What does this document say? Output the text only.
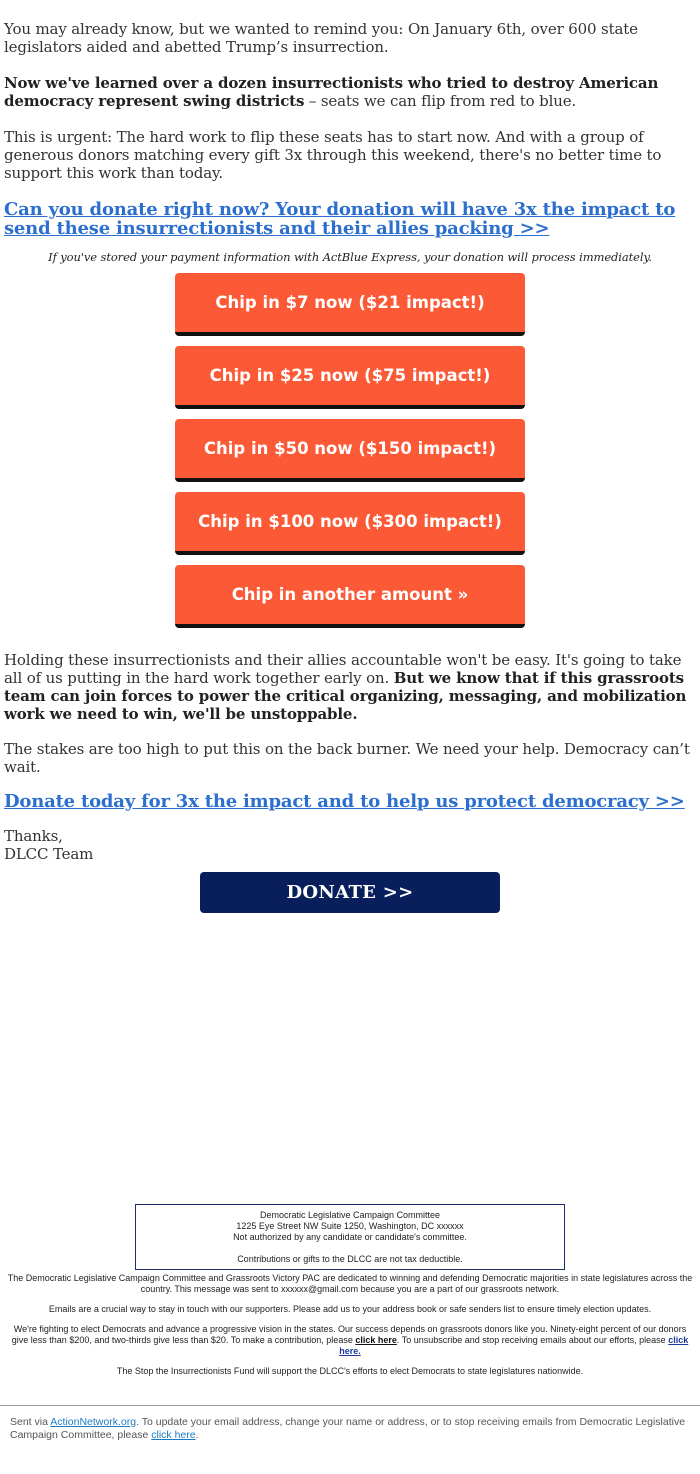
You may already know, but we wanted to remind you: On January 6th, over 600 state legislators aided and abetted Trump’s insurrection.

Now we've learned over a dozen insurrectionists who tried to destroy American democracy represent swing districts – seats we can flip from red to blue.

This is urgent: The hard work to flip these seats has to start now. And with a group of generous donors matching every gift 3x through this weekend, there's no better time to support this work than today.

Can you donate right now? Your donation will have 3x the impact to send these insurrectionists and their allies packing >>
If you've stored your payment information with ActBlue Express, your donation will process immediately.
Chip in $7 now ($21 impact!)
Chip in $25 now ($75 impact!)
Chip in $50 now ($150 impact!)
Chip in $100 now ($300 impact!)
Chip in another amount »

Holding these insurrectionists and their allies accountable won't be easy. It's going to take all of us putting in the hard work together early on. But we know that if this grassroots team can join forces to power the critical organizing, messaging, and mobilization work we need to win, we'll be unstoppable.

The stakes are too high to put this on the back burner. We need your help. Democracy can’t wait.

Donate today for 3x the impact and to help us protect democracy >>

Thanks,
DLCC Team

DONATE >>
Democratic Legislative Campaign Committee
1225 Eye Street NW Suite 1250, Washington, DC xxxxxx
Not authorized by any candidate or candidate's committee.
Contributions or gifts to the DLCC are not tax deductible.

The Democratic Legislative Campaign Committee and Grassroots Victory PAC are dedicated to winning and defending Democratic majorities in state legislatures across the country. This message was sent to xxxxxx@gmail.com because you are a part of our grassroots network.

Emails are a crucial way to stay in touch with our supporters. Please add us to your address book or safe senders list to ensure timely election updates.

We're fighting to elect Democrats and advance a progressive vision in the states. Our success depends on grassroots donors like you. Ninety-eight percent of our donors give less than $200, and two-thirds give less than $20. To make a contribution, please click here. To unsubscribe and stop receiving emails about our efforts, please click here.

The Stop the Insurrectionists Fund will support the DLCC's efforts to elect Democrats to state legislatures nationwide.

Sent via ActionNetwork.org. To update your email address, change your name or address, or to stop receiving emails from Democratic Legislative Campaign Committee, please click here.
